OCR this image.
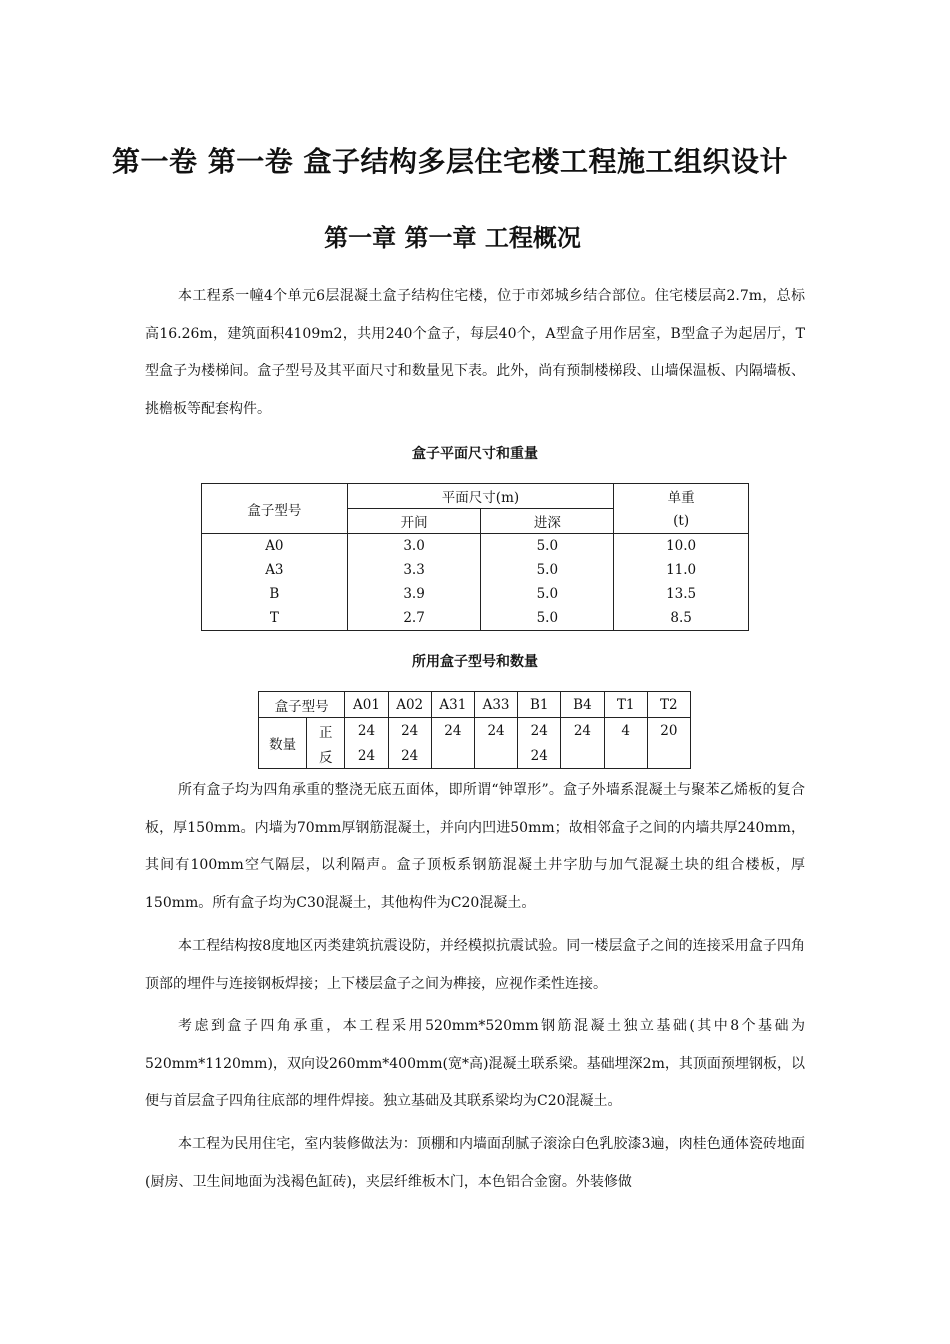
第一卷 第一卷 盒子结构多层住宅楼工程施工组织设计
第一章 第一章 工程概况

本工程系一幢4个单元6层混凝土盒子结构住宅楼，位于市郊城乡结合部位。住宅楼层高2.7m，总标高16.26m，建筑面积4109m2，共用240个盒子，每层40个，A型盒子用作居室，B型盒子为起居厅，T型盒子为楼梯间。盒子型号及其平面尺寸和数量见下表。此外，尚有预制楼梯段、山墙保温板、内隔墙板、挑檐板等配套构件。

盒子平面尺寸和重量
盒子型号	平面尺寸(m)		单重
	开间	进深	(t)
A0	3.0	5.0	10.0
A3	3.3	5.0	11.0
B	3.9	5.0	13.5
T	2.7	5.0	8.5
所用盒子型号和数量
盒子型号		A01	A02	A31	A33	B1	B4	T1	T2
数量	正	24	24	24	24	24	24	4	20
	反	24	24			24			

所有盒子均为四角承重的整浇无底五面体，即所谓“钟罩形”。盒子外墙系混凝土与聚苯乙烯板的复合板，厚150mm。内墙为70mm厚钢筋混凝土，并向内凹进50mm；故相邻盒子之间的内墙共厚240mm，其间有100mm空气隔层，以利隔声。盒子顶板系钢筋混凝土井字肋与加气混凝土块的组合楼板，厚150mm。所有盒子均为C30混凝土，其他构件为C20混凝土。

本工程结构按8度地区丙类建筑抗震设防，并经模拟抗震试验。同一楼层盒子之间的连接采用盒子四角顶部的埋件与连接钢板焊接；上下楼层盒子之间为榫接，应视作柔性连接。

考虑到盒子四角承重，本工程采用520mm*520mm钢筋混凝土独立基础(其中8个基础为520mm*1120mm)，双向设260mm*400mm(宽*高)混凝土联系梁。基础埋深2m，其顶面预埋钢板，以便与首层盒子四角往底部的埋件焊接。独立基础及其联系梁均为C20混凝土。

本工程为民用住宅，室内装修做法为：顶棚和内墙面刮腻子滚涂白色乳胶漆3遍，肉桂色通体瓷砖地面(厨房、卫生间地面为浅褐色缸砖)，夹层纤维板木门，本色铝合金窗。外装修做
